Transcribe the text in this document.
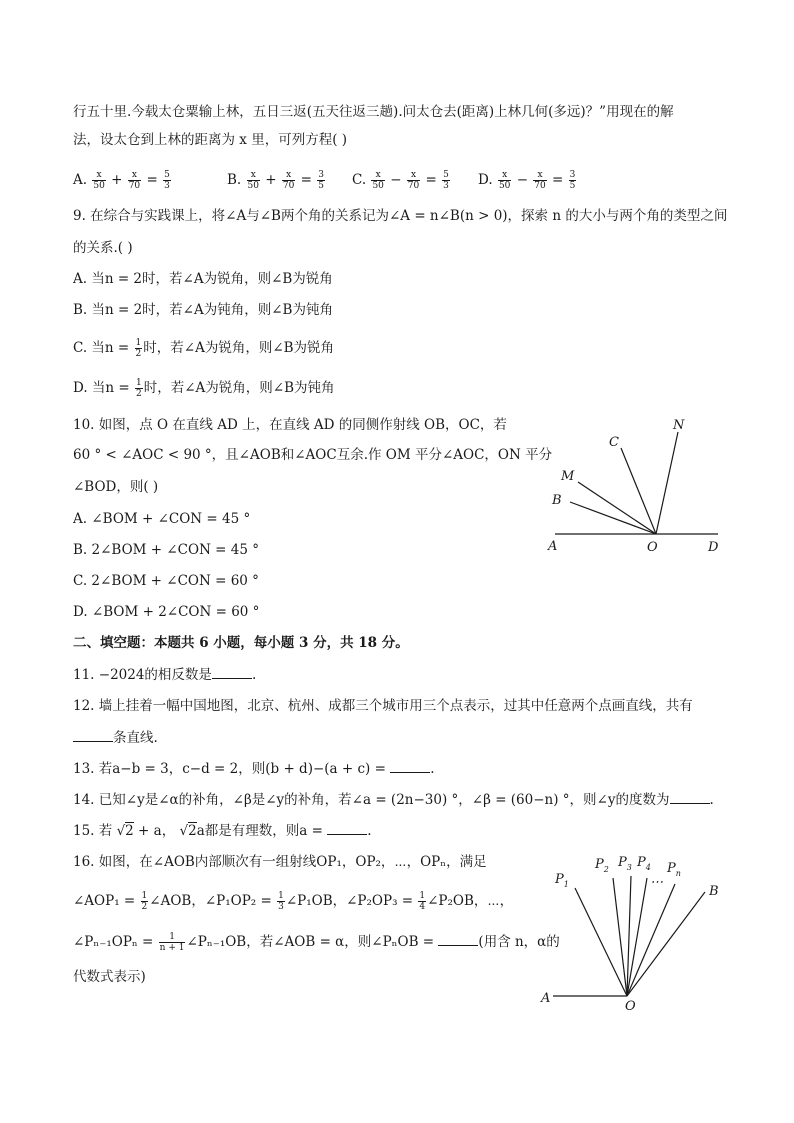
行五十里.今载太仓粟输上林，五日三返(五天往返三趟).问太仓去(距离)上林几何(多远)？”用现在的解
法，设太仓到上林的距离为 x 里，可列方程( )
A. $\frac{x}{50} + \frac{x}{70} = \frac{5}{3}$	B. $\frac{x}{50} + \frac{x}{70} = \frac{3}{5} C$. $\frac{x}{50} - \frac{x}{70} = \frac{5}{3} D$. $\frac{x}{50} - \frac{x}{70} = \frac{3}{5}$
9. 在综合与实践课上，将∠A与∠B两个角的关系记为∠A = n∠B(n > 0)，探索 n 的大小与两个角的类型之间
的关系.( )
A. 当n = 2时，若∠A为锐角，则∠B为锐角
B. 当n = 2时，若∠A为钝角，则∠B为钝角
C. 当$n = \frac{1}{2}$ 时，若∠A为锐角，则∠B为锐角
D. 当$n = \frac{1}{2}$ 时，若∠A为锐角，则∠B为钝角
10. 如图，点 O 在直线 AD 上，在直线 AD 的同侧作射线 OB，OC，若
60 ° < ∠AOC < 90 °，且∠AOB和∠AOC互余.作 OM 平分∠AOC，ON 平分
∠BOD，则( )
A. ∠BOM + ∠CON = 45 °
B. 2∠BOM + ∠CON = 45 °
C. 2∠BOM + ∠CON = 60 °
D. ∠BOM + 2∠CON = 60 °
A	O	D
B
M
C
N
二、填空题：本题共 6 小题，每小题 3 分，共 18 分。
11. −2024的相反数是	.
12. 墙上挂着一幅中国地图，北京、杭州、成都三个城市用三个点表示，过其中任意两个点画直线，共有
条直线.
13. 若a−b = 3，c−d = 2，则(b + d)−(a + c) =	.
14. 已知∠y是∠α的补角，∠β是∠y的补角，若∠a = (2n−30) °，∠β = (60−n) °，则∠y的度数为	.
15. 若 √2 + a， √2a都是有理数，则a =	.
16. 如图，在∠AOB内部顺次有一组射线OP₁，OP₂，⋯，OPₙ，满足
∠AOP₁ = $\frac{1}{2}$ ∠AOB，∠P₁OP₂ = $\frac{1}{3}$ ∠P₁OB，∠P₂OP₃ = $\frac{1}{4}$ ∠P₂OB，⋯，
∠Pₙ₋₁OPₙ = $\frac{1}{n + 1}$ ∠Pₙ₋₁OB，若∠AOB = α，则∠PₙOB =	(用含 n，α的
代数式表示)
A
O
B
$P_1$
$P_2$ $P_3$ $P_4$
⋯
$P_n$
